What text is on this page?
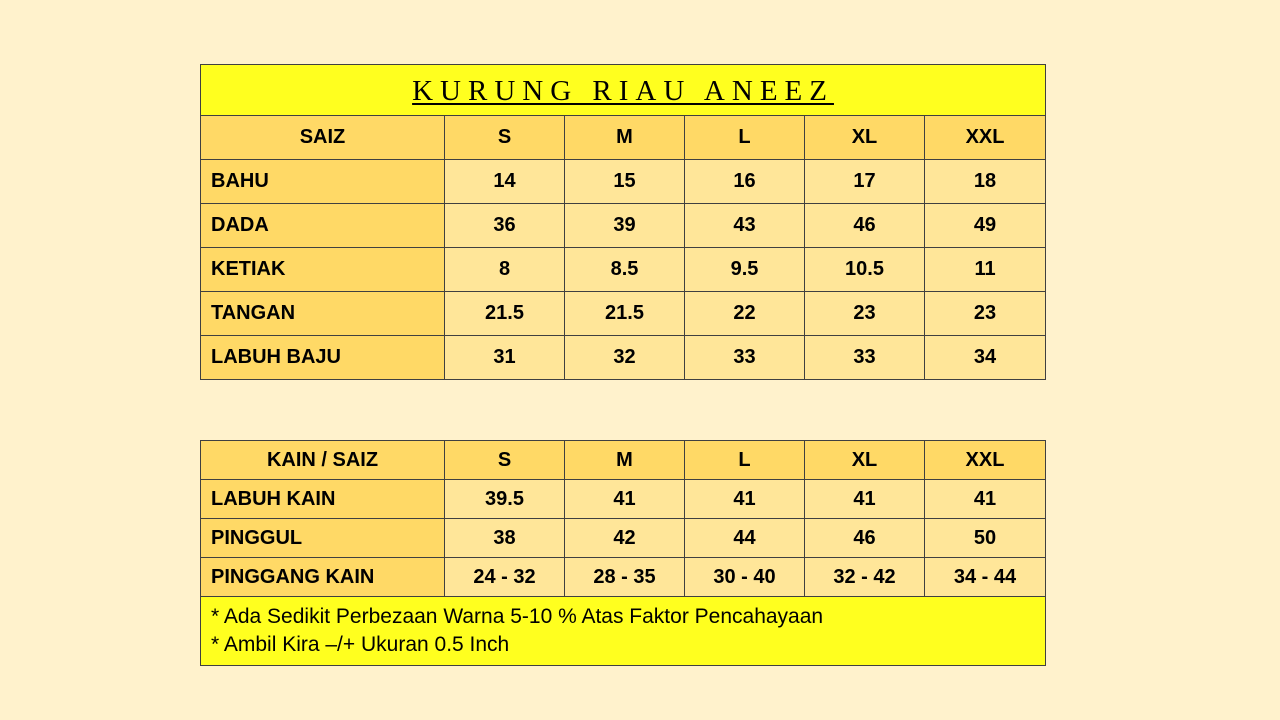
KURUNG RIAU ANEEZ					
SAIZ	S	M	L	XL	XXL
BAHU	14	15	16	17	18
DADA	36	39	43	46	49
KETIAK	8	8.5	9.5	10.5	11
TANGAN	21.5	21.5	22	23	23
LABUH BAJU	31	32	33	33	34
KAIN / SAIZ	S	M	L	XL	XXL
LABUH KAIN	39.5	41	41	41	41
PINGGUL	38	42	44	46	50
PINGGANG KAIN	24 - 32	28 - 35	30 - 40	32 - 42	34 - 44

* Ada Sedikit Perbezaan Warna 5-10 % Atas Faktor Pencahayaan
* Ambil Kira –/+ Ukuran 0.5 Inch					
